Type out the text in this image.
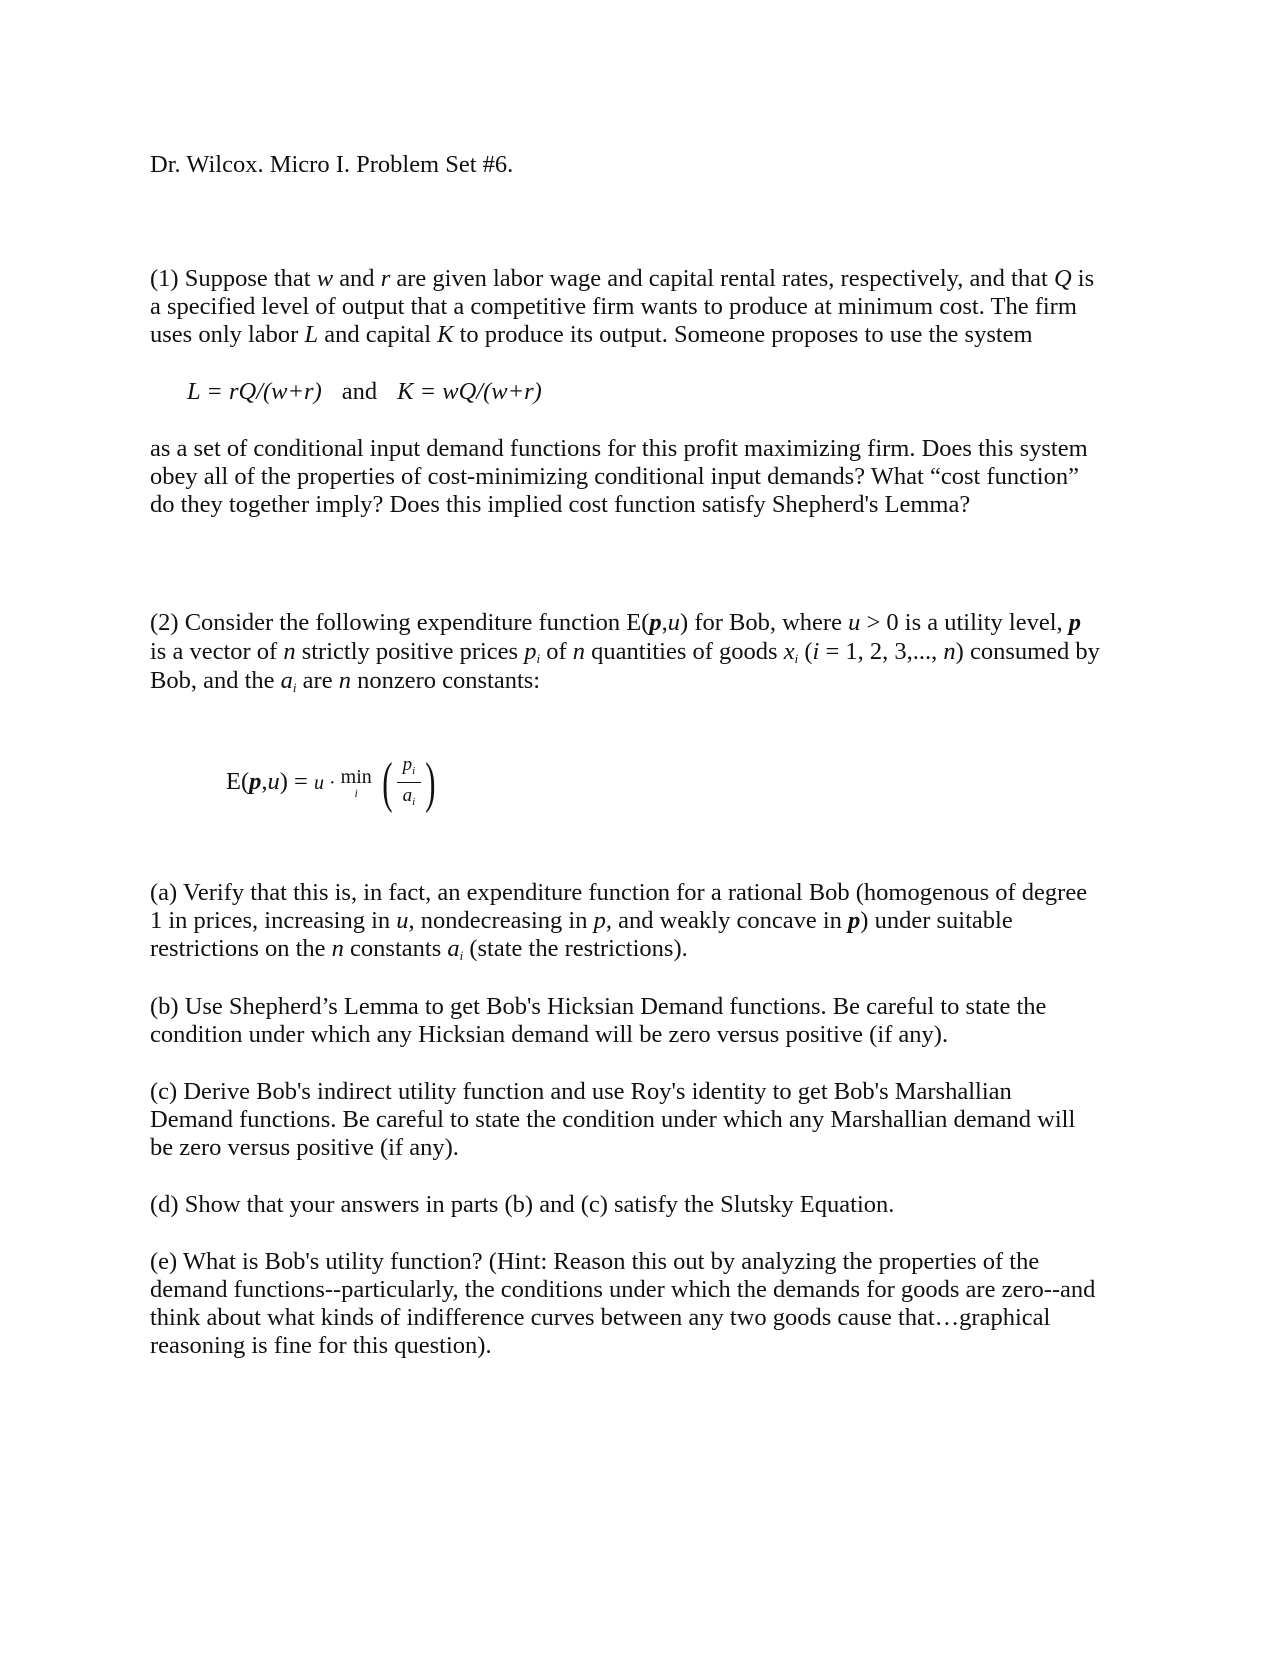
Dr. Wilcox. Micro I. Problem Set #6.
(1) Suppose that w and r are given labor wage and capital rental rates, respectively, and that Q is
a specified level of output that a competitive firm wants to produce at minimum cost. The firm
uses only labor L and capital K to produce its output. Someone proposes to use the system
L = rQ/(w+r) and K = wQ/(w+r)
as a set of conditional input demand functions for this profit maximizing firm. Does this system
obey all of the properties of cost-minimizing conditional input demands? What “cost function”
do they together imply? Does this implied cost function satisfy Shepherd's Lemma?
(2) Consider the following expenditure function E(p,u) for Bob, where u > 0 is a utility level, p
is a vector of n strictly positive prices $p_i$ of n quantities of goods $x_i$ (i = 1, 2, 3,..., n) consumed by
Bob, and the $a_i$ are n nonzero constants:
E(p,u) = u · min
i ( $\frac{p_i}{a_i}$ )
(a) Verify that this is, in fact, an expenditure function for a rational Bob (homogenous of degree
1 in prices, increasing in u, nondecreasing in p, and weakly concave in p) under suitable
restrictions on the n constants $a_i$ (state the restrictions).
(b) Use Shepherd’s Lemma to get Bob's Hicksian Demand functions. Be careful to state the
condition under which any Hicksian demand will be zero versus positive (if any).
(c) Derive Bob's indirect utility function and use Roy's identity to get Bob's Marshallian
Demand functions. Be careful to state the condition under which any Marshallian demand will
be zero versus positive (if any).
(d) Show that your answers in parts (b) and (c) satisfy the Slutsky Equation.
(e) What is Bob's utility function? (Hint: Reason this out by analyzing the properties of the
demand functions--particularly, the conditions under which the demands for goods are zero--and
think about what kinds of indifference curves between any two goods cause that…graphical
reasoning is fine for this question).
